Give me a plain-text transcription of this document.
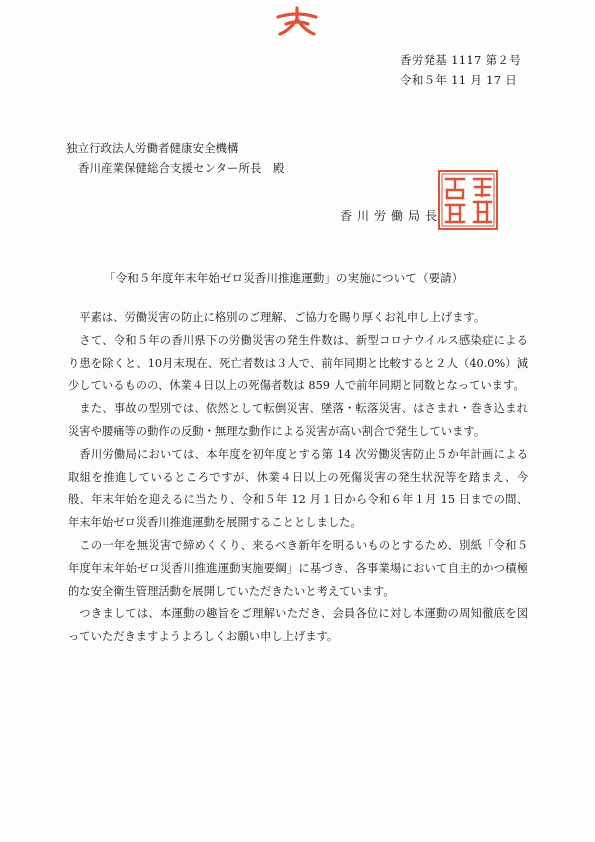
香労発基 1117 第２号
令和５年 11 月 17 日
独立行政法人労働者健康安全機構
香川産業保健総合支援センター所長　殿
香川労働局長
「令和５年度年末年始ゼロ災香川推進運動」の実施について（要請）

平素は、労働災害の防止に格別のご理解、ご協力を賜り厚くお礼申し上げます。

さて、令和５年の香川県下の労働災害の発生件数は、新型コロナウイルス感染症によるり患を除くと、10月末現在、死亡者数は３人で、前年同期と比較すると２人（40.0%）減少しているものの、休業４日以上の死傷者数は 859 人で前年同期と同数となっています。

また、事故の型別では、依然として転倒災害、墜落・転落災害、はさまれ・巻き込まれ災害や腰痛等の動作の反動・無理な動作による災害が高い割合で発生しています。

香川労働局においては、本年度を初年度とする第 14 次労働災害防止５か年計画による取組を推進しているところですが、休業４日以上の死傷災害の発生状況等を踏まえ、今般、年末年始を迎えるに当たり、令和５年 12 月１日から令和６年１月 15 日までの間、年末年始ゼロ災香川推進運動を展開することとしました。

この一年を無災害で締めくくり、来るべき新年を明るいものとするため、別紙「令和５年度年末年始ゼロ災香川推進運動実施要綱」に基づき、各事業場において自主的かつ積極的な安全衛生管理活動を展開していただきたいと考えています。

つきましては、本運動の趣旨をご理解いただき、会員各位に対し本運動の周知徹底を図っていただきますようよろしくお願い申し上げます。
